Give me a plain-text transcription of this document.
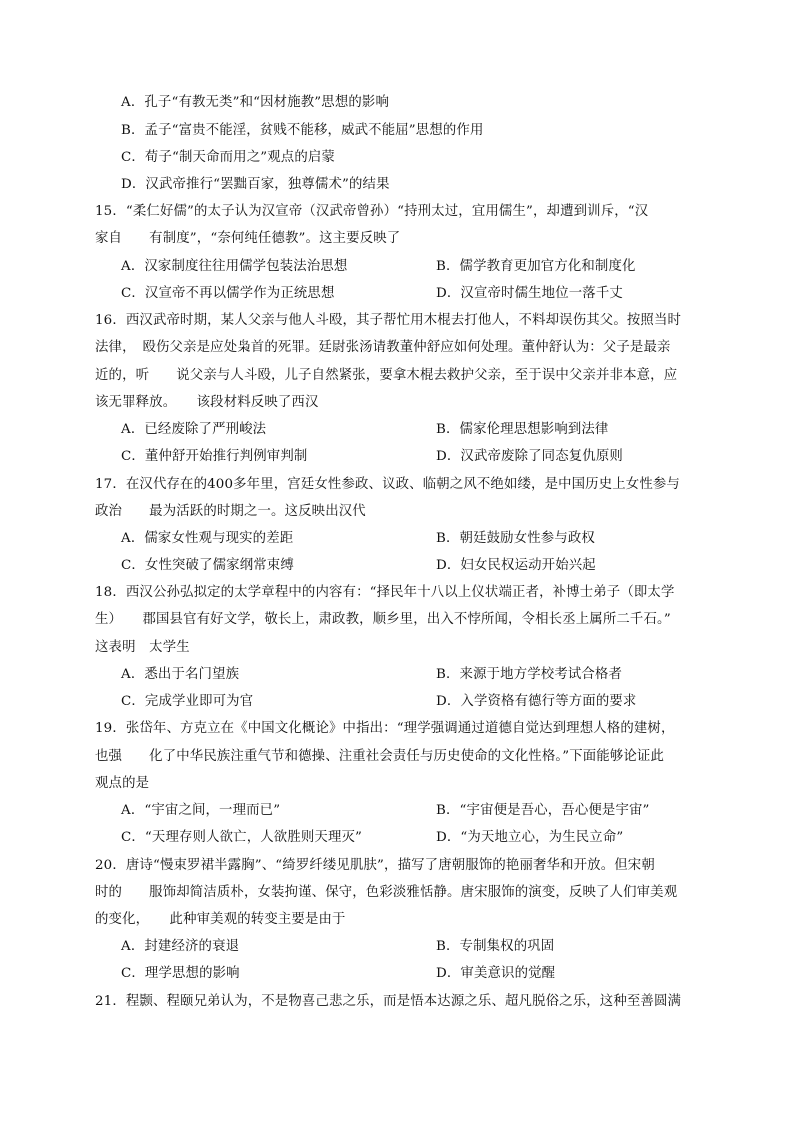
A．孔子“有教无类”和“因材施教”思想的影响
B．孟子“富贵不能淫，贫贱不能移，威武不能屈”思想的作用
C．荀子“制天命而用之”观点的启蒙
D．汉武帝推行“罢黜百家，独尊儒术”的结果
15．“柔仁好儒”的太子认为汉宣帝（汉武帝曾孙）“持刑太过，宜用儒生”，却遭到训斥，“汉
家自　　有制度”，“奈何纯任德教”。这主要反映了
A．汉家制度往往用儒学包装法治思想	B．儒学教育更加官方化和制度化
C．汉宣帝不再以儒学作为正统思想	D．汉宣帝时儒生地位一落千丈
16．西汉武帝时期，某人父亲与他人斗殴，其子帮忙用木棍去打他人，不料却误伤其父。按照当时
法律，　殴伤父亲是应处枭首的死罪。廷尉张汤请教董仲舒应如何处理。董仲舒认为：父子是最亲
近的，听　　说父亲与人斗殴，儿子自然紧张，要拿木棍去救护父亲，至于误中父亲并非本意，应
该无罪释放。　　该段材料反映了西汉
A．已经废除了严刑峻法	B．儒家伦理思想影响到法律
C．董仲舒开始推行判例审判制	D．汉武帝废除了同态复仇原则
17．在汉代存在的400多年里，宫廷女性参政、议政、临朝之风不绝如缕，是中国历史上女性参与
政治　　最为活跃的时期之一。这反映出汉代
A．儒家女性观与现实的差距	B．朝廷鼓励女性参与政权
C．女性突破了儒家纲常束缚	D．妇女民权运动开始兴起
18．西汉公孙弘拟定的太学章程中的内容有：“择民年十八以上仪状端正者，补博士弟子（即太学
生）　　郡国县官有好文学，敬长上，肃政教，顺乡里，出入不悖所闻，令相长丞上属所二千石。”
这表明　太学生
A．悉出于名门望族	B．来源于地方学校考试合格者
C．完成学业即可为官	D．入学资格有德行等方面的要求
19．张岱年、方克立在《中国文化概论》中指出：“理学强调通过道德自觉达到理想人格的建树，
也强　　化了中华民族注重气节和德操、注重社会责任与历史使命的文化性格。”下面能够论证此
观点的是
A．“宇宙之间，一理而已”	B．“宇宙便是吾心，吾心便是宇宙”
C．“天理存则人欲亡，人欲胜则天理灭”	D．“为天地立心，为生民立命”
20．唐诗“慢束罗裙半露胸”、“绮罗纤缕见肌肤”，描写了唐朝服饰的艳丽奢华和开放。但宋朝
时的　　服饰却简洁质朴，女装拘谨、保守，色彩淡雅恬静。唐宋服饰的演变，反映了人们审美观
的变化，　　此种审美观的转变主要是由于
A．封建经济的衰退	B．专制集权的巩固
C．理学思想的影响	D．审美意识的觉醒
21．程颢、程颐兄弟认为，不是物喜己悲之乐，而是悟本达源之乐、超凡脱俗之乐，这种至善圆满
